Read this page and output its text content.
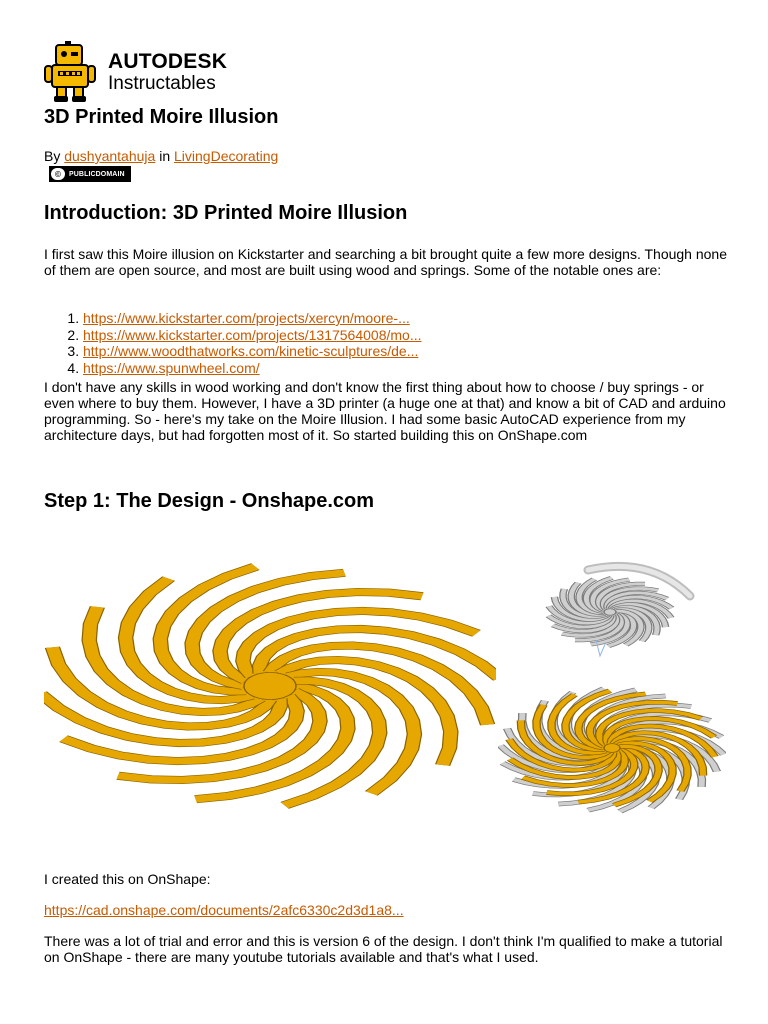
AUTODESK
Instructables
3D Printed Moire Illusion
By dushyantahuja in LivingDecorating
©	PUBLICDOMAIN
Introduction: 3D Printed Moire Illusion

I first saw this Moire illusion on Kickstarter and searching a bit brought quite a few more designs. Though none of them are open source, and most are built using wood and springs. Some of the notable ones are:

1. https://www.kickstarter.com/projects/xercyn/moore-...
2. https://www.kickstarter.com/projects/1317564008/mo...
3. http://www.woodthatworks.com/kinetic-sculptures/de...
4. https://www.spunwheel.com/

I don't have any skills in wood working and don't know the first thing about how to choose / buy springs - or even where to buy them. However, I have a 3D printer (a huge one at that) and know a bit of CAD and arduino programming. So - here's my take on the Moire Illusion. I had some basic AutoCAD experience from my architecture days, but had forgotten most of it. So started building this on OnShape.com

Step 1: The Design - Onshape.com

I created this on OnShape:

https://cad.onshape.com/documents/2afc6330c2d3d1a8...

There was a lot of trial and error and this is version 6 of the design. I don't think I'm qualified to make a tutorial on OnShape - there are many youtube tutorials available and that's what I used.
